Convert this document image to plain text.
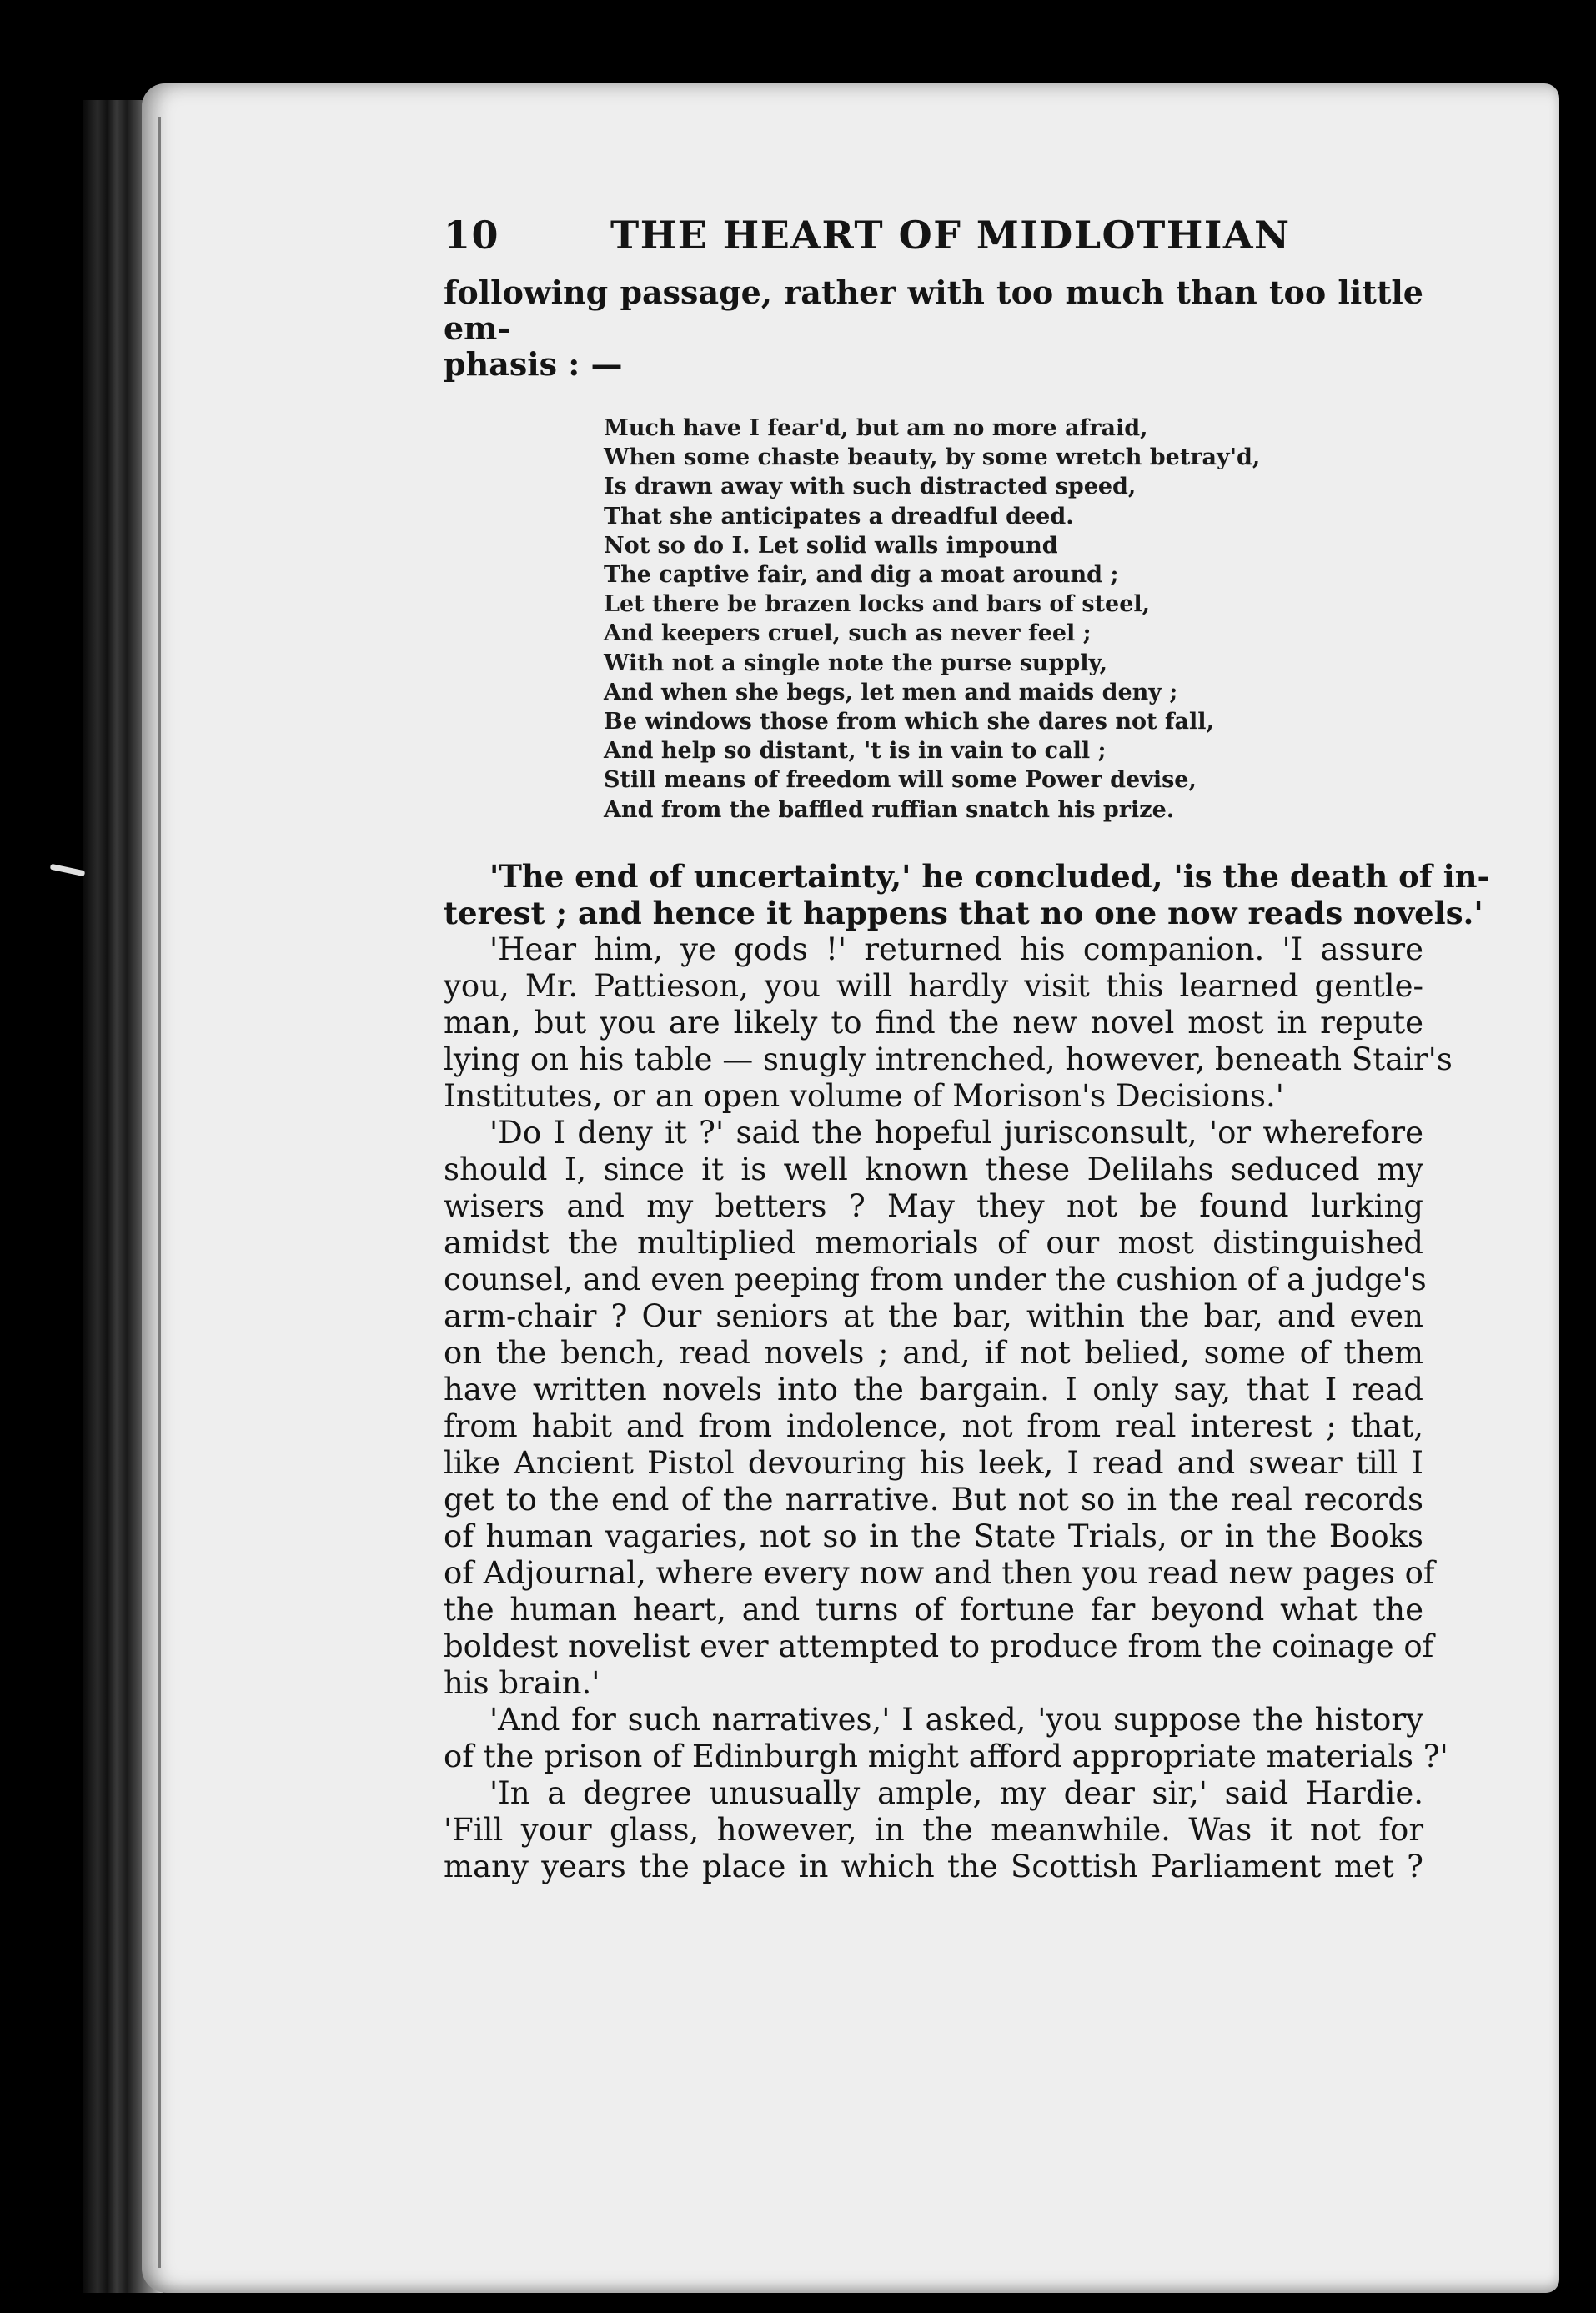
10	THE HEART OF MIDLOTHIAN

following passage, rather with too much than too little em-
phasis : —

Much have I fear'd, but am no more afraid,
When some chaste beauty, by some wretch betray'd,
Is drawn away with such distracted speed,
That she anticipates a dreadful deed.
Not so do I. Let solid walls impound
The captive fair, and dig a moat around ;
Let there be brazen locks and bars of steel,
And keepers cruel, such as never feel ;
With not a single note the purse supply,
And when she begs, let men and maids deny ;
Be windows those from which she dares not fall,
And help so distant, 't is in vain to call ;
Still means of freedom will some Power devise,
And from the baffled ruffian snatch his prize.

'The end of uncertainty,' he concluded, 'is the death of in-
terest ; and hence it happens that no one now reads novels.'

'Hear him, ye gods !' returned his companion. 'I assure
you, Mr. Pattieson, you will hardly visit this learned gentle-
man, but you are likely to find the new novel most in repute
lying on his table — snugly intrenched, however, beneath Stair's
Institutes, or an open volume of Morison's Decisions.'

'Do I deny it ?' said the hopeful jurisconsult, 'or wherefore
should I, since it is well known these Delilahs seduced my
wisers and my betters ? May they not be found lurking
amidst the multiplied memorials of our most distinguished
counsel, and even peeping from under the cushion of a judge's
arm-chair ? Our seniors at the bar, within the bar, and even
on the bench, read novels ; and, if not belied, some of them
have written novels into the bargain. I only say, that I read
from habit and from indolence, not from real interest ; that,
like Ancient Pistol devouring his leek, I read and swear till I
get to the end of the narrative. But not so in the real records
of human vagaries, not so in the State Trials, or in the Books
of Adjournal, where every now and then you read new pages of
the human heart, and turns of fortune far beyond what the
boldest novelist ever attempted to produce from the coinage of
his brain.'

'And for such narratives,' I asked, 'you suppose the history
of the prison of Edinburgh might afford appropriate materials ?'

'In a degree unusually ample, my dear sir,' said Hardie.
'Fill your glass, however, in the meanwhile. Was it not for
many years the place in which the Scottish Parliament met ?
